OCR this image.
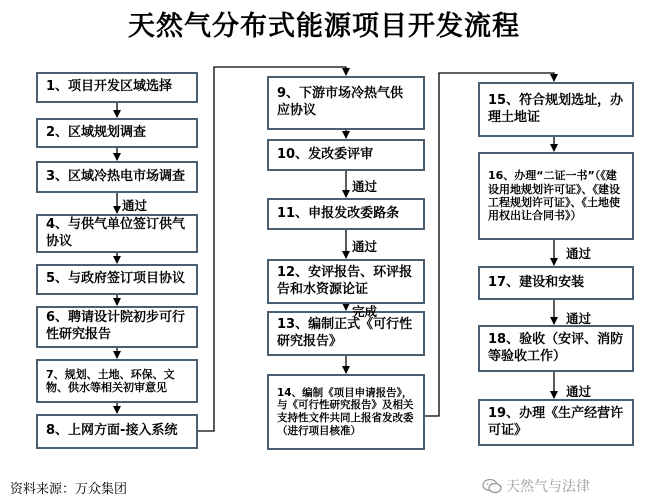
天然气分布式能源项目开发流程
1、项目开发区域选择
2、区域规划调查
3、区域冷热电市场调查
4、与供气单位签订供气协议
5、与政府签订项目协议
6、聘请设计院初步可行性研究报告
7、规划、土地、环保、文物、供水等相关初审意见
8、上网方面-接入系统
通过
9、下游市场冷热气供应协议
10、发改委评审
11、申报发改委路条
12、安评报告、环评报告和水资源论证
13、编制正式《可行性研究报告》
14、编制《项目申请报告》，与《可行性研究报告》及相关支持性文件共同上报省发改委（进行项目核准）
通过
通过
完成
15、符合规划选址，办理土地证
16、办理“二证一书”（《建设用地规划许可证》、《建设工程规划许可证》、《土地使用权出让合同书》）
17、建设和安装
18、验收（安评、消防等验收工作）
19、办理《生产经营许可证》
通过
通过
通过
资料来源：万众集团	天然气与法律
